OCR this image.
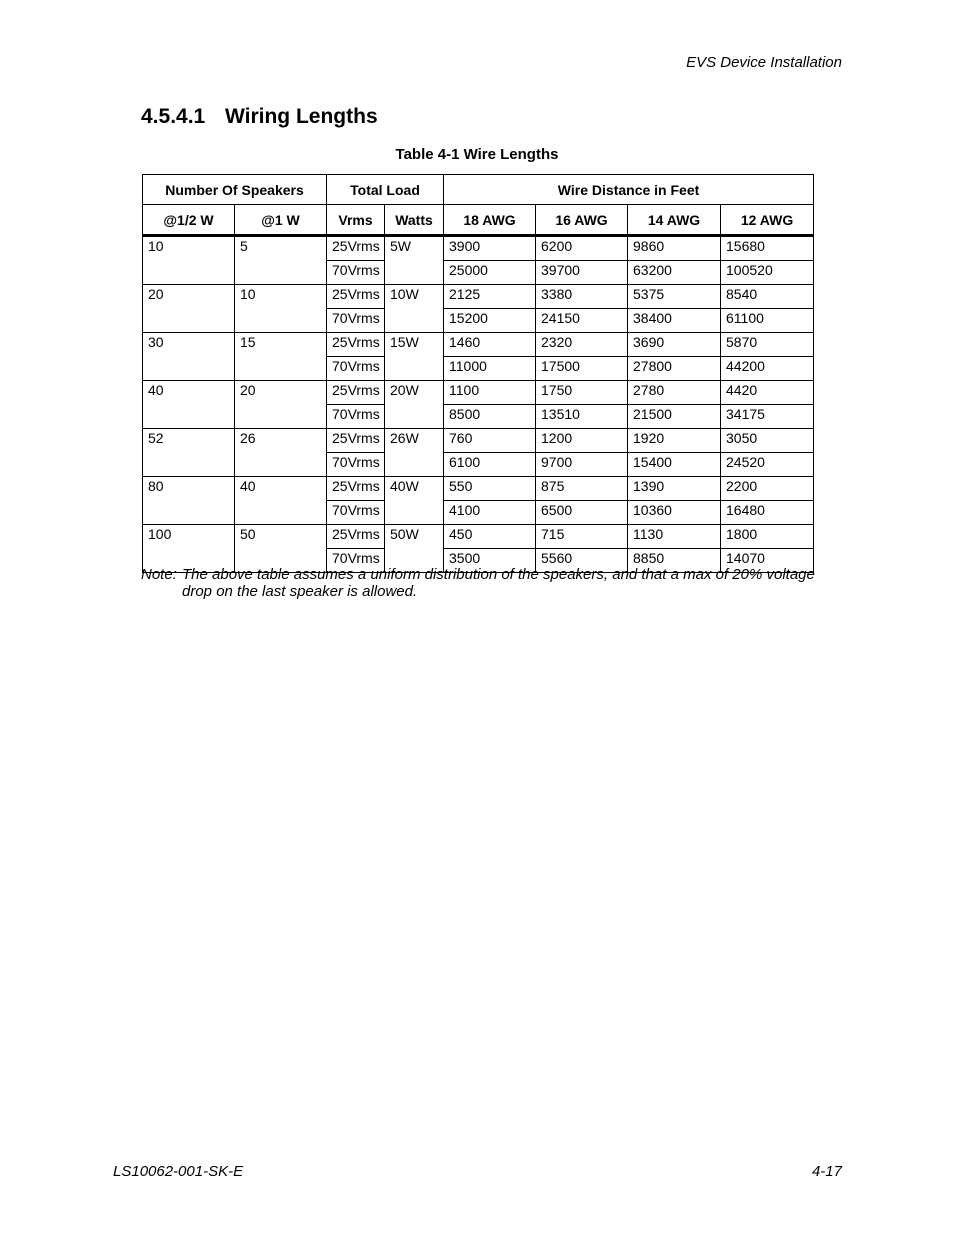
EVS Device Installation
4.5.4.1 Wiring Lengths
Table 4-1 Wire Lengths
Number Of Speakers		Total Load		Wire Distance in Feet			
@1/2 W	@1 W	Vrms	Watts	18 AWG	16 AWG	14 AWG	12 AWG
10	5	25Vrms	5W	3900	6200	9860	15680
		70Vrms		25000	39700	63200	100520
20	10	25Vrms	10W	2125	3380	5375	8540
		70Vrms		15200	24150	38400	61100
30	15	25Vrms	15W	1460	2320	3690	5870
		70Vrms		11000	17500	27800	44200
40	20	25Vrms	20W	1100	1750	2780	4420
		70Vrms		8500	13510	21500	34175
52	26	25Vrms	26W	760	1200	1920	3050
		70Vrms		6100	9700	15400	24520
80	40	25Vrms	40W	550	875	1390	2200
		70Vrms		4100	6500	10360	16480
100	50	25Vrms	50W	450	715	1130	1800
		70Vrms		3500	5560	8850	14070
Note: The above table assumes a uniform distribution of the speakers, and that a max of 20% voltage
drop on the last speaker is allowed.
LS10062-001-SK-E	4-17
